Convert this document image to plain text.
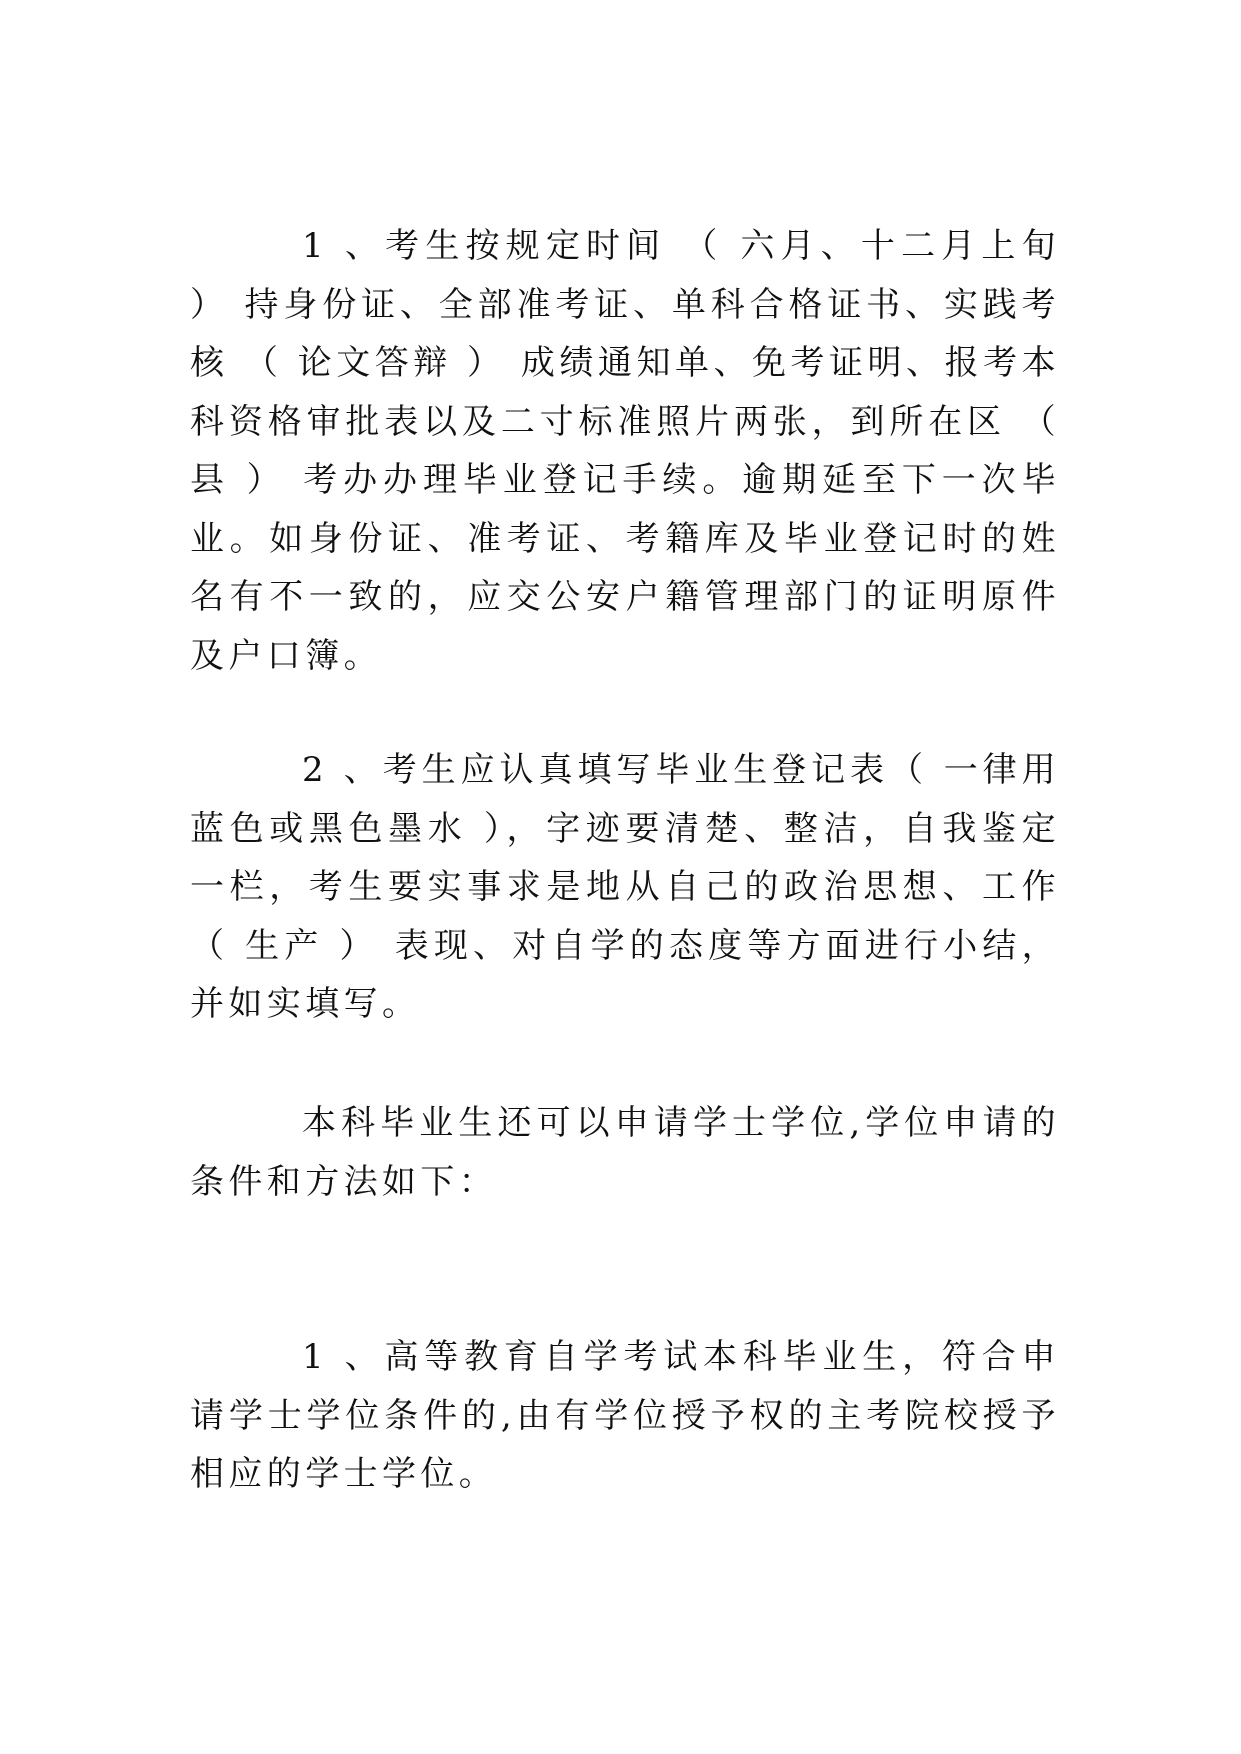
1 、考生按规定时间 （ 六月、十二月上旬 ） 持身份证、全部准考证、单科合格证书、实践考核 （ 论文答辩 ） 成绩通知单、免考证明、报考本科资格审批表以及二寸标准照片两张，到所在区 （ 县 ） 考办办理毕业登记手续。逾期延至下一次毕业。如身份证、准考证、考籍库及毕业登记时的姓名有不一致的，应交公安户籍管理部门的证明原件及户口簿。

2 、考生应认真填写毕业生登记表（ 一律用蓝色或黑色墨水 ），字迹要清楚、整洁，自我鉴定一栏，考生要实事求是地从自己的政治思想、工作 （ 生产 ） 表现、对自学的态度等方面进行小结，并如实填写。

本科毕业生还可以申请学士学位,学位申请的条件和方法如下：

1 、高等教育自学考试本科毕业生，符合申请学士学位条件的,由有学位授予权的主考院校授予相应的学士学位。
